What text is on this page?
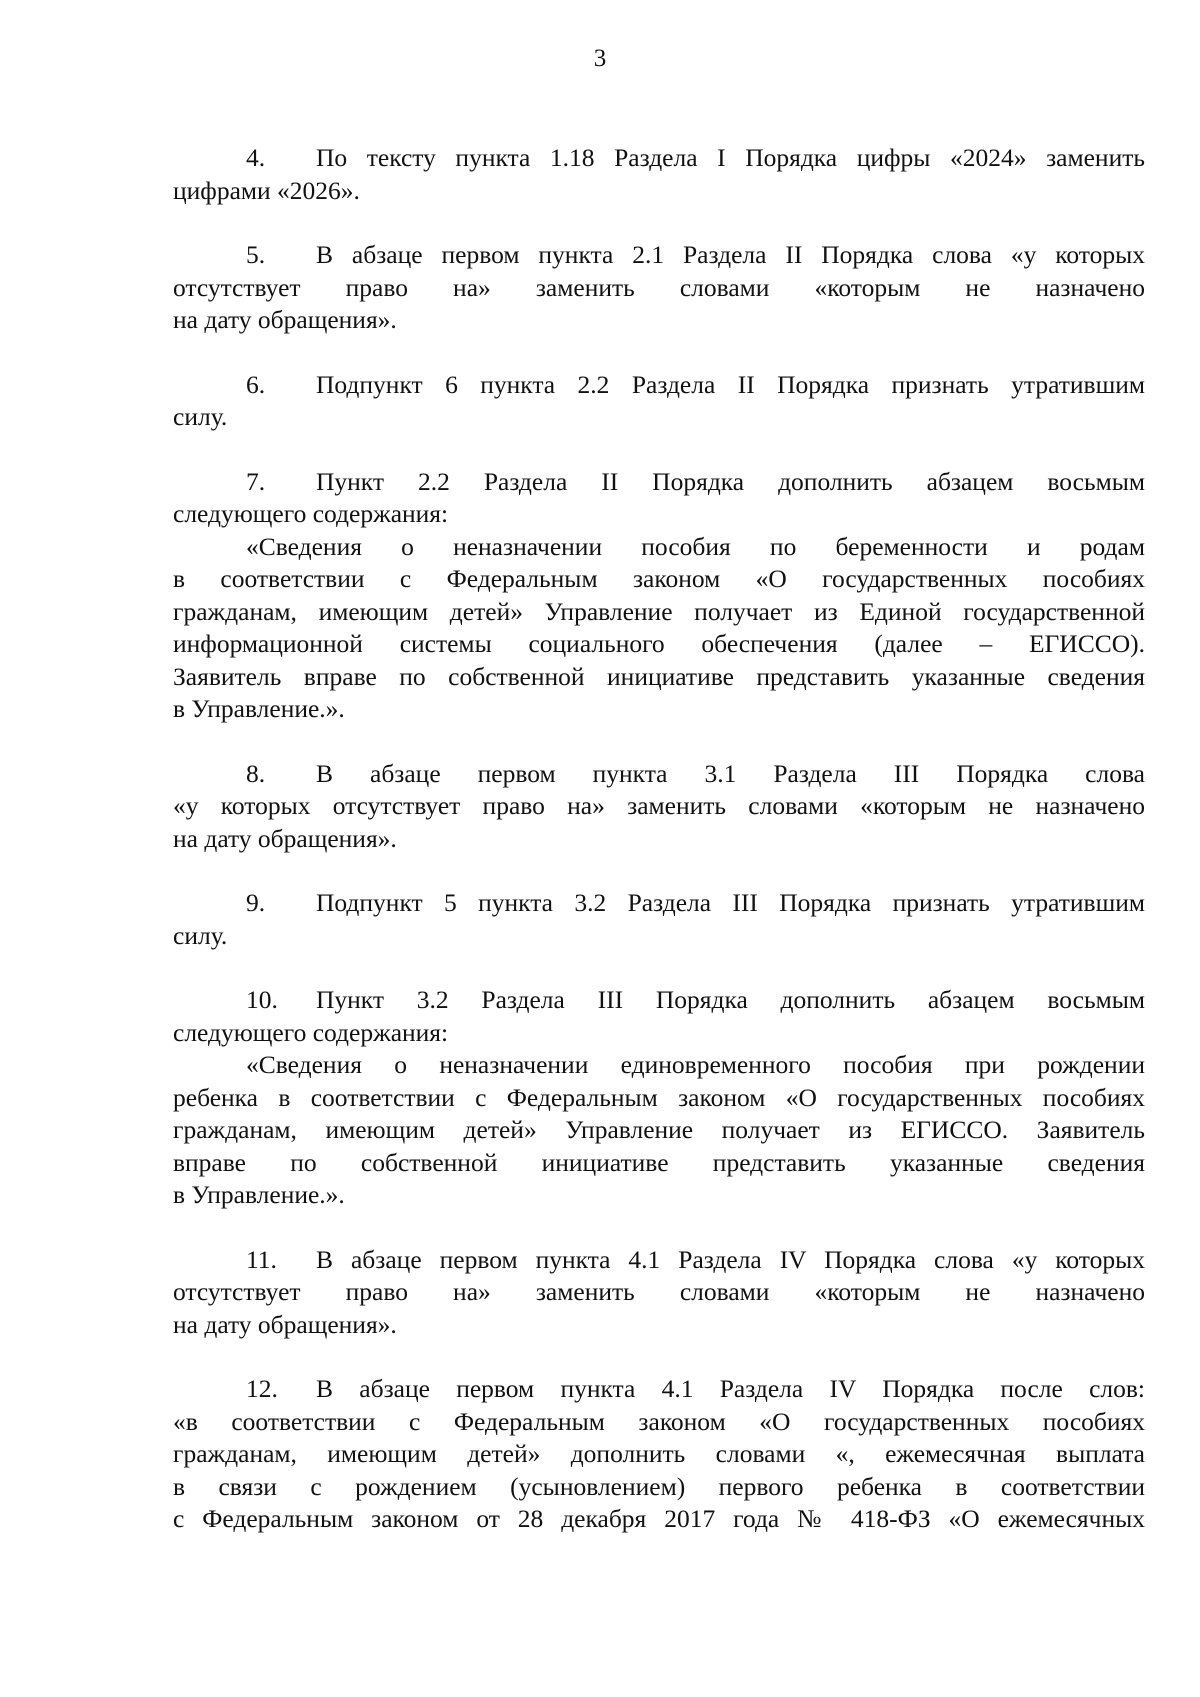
3
4. По тексту пункта 1.18 Раздела I Порядка цифры «2024» заменить
цифрами «2026».
5. В абзаце первом пункта 2.1 Раздела II Порядка слова «у которых
отсутствует право на» заменить словами «которым не назначено
на дату обращения».
6. Подпункт 6 пункта 2.2 Раздела II Порядка признать утратившим
силу.
7. Пункт 2.2 Раздела II Порядка дополнить абзацем восьмым
следующего содержания:
«Сведения о неназначении пособия по беременности и родам
в соответствии с Федеральным законом «О государственных пособиях
гражданам, имеющим детей» Управление получает из Единой государственной
информационной системы социального обеспечения (далее – ЕГИССО).
Заявитель вправе по собственной инициативе представить указанные сведения
в Управление.».
8. В абзаце первом пункта 3.1 Раздела III Порядка слова
«у которых отсутствует право на» заменить словами «которым не назначено
на дату обращения».
9. Подпункт 5 пункта 3.2 Раздела III Порядка признать утратившим
силу.
10. Пункт 3.2 Раздела III Порядка дополнить абзацем восьмым
следующего содержания:
«Сведения о неназначении единовременного пособия при рождении
ребенка в соответствии с Федеральным законом «О государственных пособиях
гражданам, имеющим детей» Управление получает из ЕГИССО. Заявитель
вправе по собственной инициативе представить указанные сведения
в Управление.».
11. В абзаце первом пункта 4.1 Раздела IV Порядка слова «у которых
отсутствует право на» заменить словами «которым не назначено
на дату обращения».
12. В абзаце первом пункта 4.1 Раздела IV Порядка после слов:
«в соответствии с Федеральным законом «О государственных пособиях
гражданам, имеющим детей» дополнить словами «, ежемесячная выплата
в связи с рождением (усыновлением) первого ребенка в соответствии
с Федеральным законом от 28 декабря 2017 года № 418-ФЗ «О ежемесячных
